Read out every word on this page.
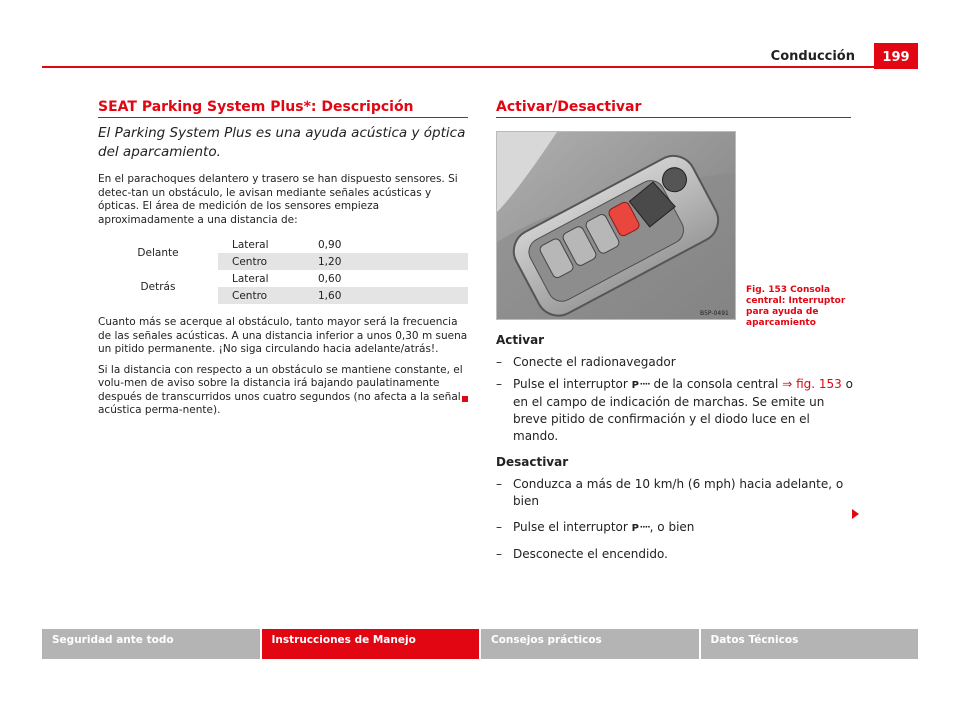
Conducción	199
SEAT Parking System Plus*: Descripción
El Parking System Plus es una ayuda acústica y óptica del aparcamiento.
En el parachoques delantero y trasero se han dispuesto sensores. Si detec-tan un obstáculo, le avisan mediante señales acústicas y ópticas. El área de medición de los sensores empieza aproximadamente a una distancia de:
Delante	Lateral	0,90
	Centro	1,20
Detrás	Lateral	0,60
	Centro	1,60
Cuanto más se acerque al obstáculo, tanto mayor será la frecuencia de las señales acústicas. A una distancia inferior a unos 0,30 m suena un pitido permanente. ¡No siga circulando hacia adelante/atrás!.
Si la distancia con respecto a un obstáculo se mantiene constante, el volu-men de aviso sobre la distancia irá bajando paulatinamente después de transcurridos unos cuatro segundos (no afecta a la señal acústica perma-nente).
Activar/Desactivar
B5P-0491
Fig. 153 Consola central: Interruptor para ayuda de aparcamiento
Activar
– Conecte el radionavegador
– Pulse el interruptor P᠁ de la consola central ⇒ fig. 153 o en el campo de indicación de marchas. Se emite un breve pitido de confirmación y el diodo luce en el mando.
Desactivar
– Conduzca a más de 10 km/h (6 mph) hacia adelante, o bien
– Pulse el interruptor P᠁, o bien
– Desconecte el encendido.
Seguridad ante todo	Instrucciones de Manejo	Consejos prácticos	Datos Técnicos
